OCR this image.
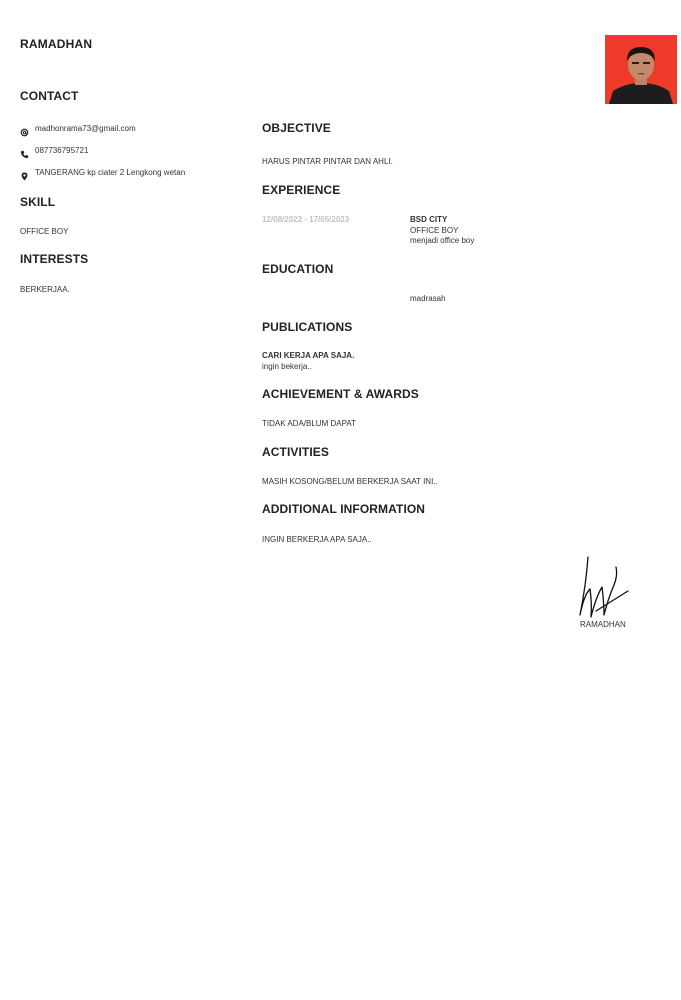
RAMADHAN
CONTACT
madhonrama73@gmail.com
087736795721
TANGERANG kp ciater 2 Lengkong wetan
SKILL
OFFICE BOY
INTERESTS
BERKERJAA.
OBJECTIVE
HARUS PINTAR PINTAR DAN AHLI.
EXPERIENCE
12/08/2022 - 17/05/2023	BSD CITY
OFFICE BOY
menjadi office boy
EDUCATION
madrasah
PUBLICATIONS
CARI KERJA APA SAJA.
ingin bekerja..
ACHIEVEMENT & AWARDS
TIDAK ADA/BLUM DAPAT
ACTIVITIES
MASIH KOSONG/BELUM BERKERJA SAAT INI..
ADDITIONAL INFORMATION
INGIN BERKERJA APA SAJA..
RAMADHAN
